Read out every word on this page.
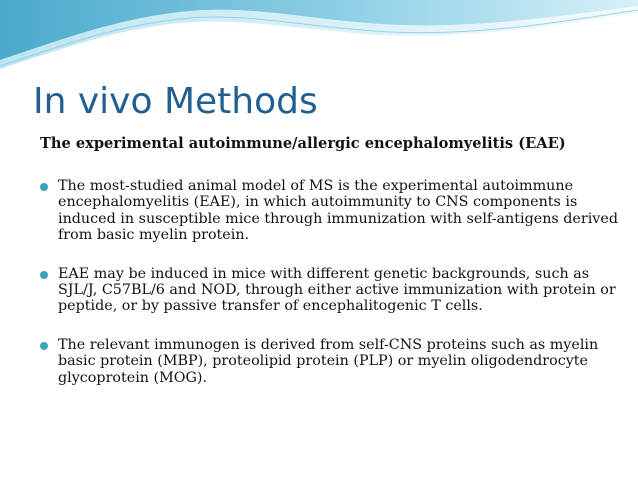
In vivo Methods

The experimental autoimmune/allergic encephalomyelitis (EAE)

The most-studied animal model of MS is the experimental autoimmune encephalomyelitis (EAE), in which autoimmunity to CNS components is induced in susceptible mice through immunization with self-antigens derived from basic myelin protein.
EAE may be induced in mice with different genetic backgrounds, such as SJL/J, C57BL/6 and NOD, through either active immunization with protein or peptide, or by passive transfer of encephalitogenic T cells.
The relevant immunogen is derived from self-CNS proteins such as myelin basic protein (MBP), proteolipid protein (PLP) or myelin oligodendrocyte glycoprotein (MOG).
